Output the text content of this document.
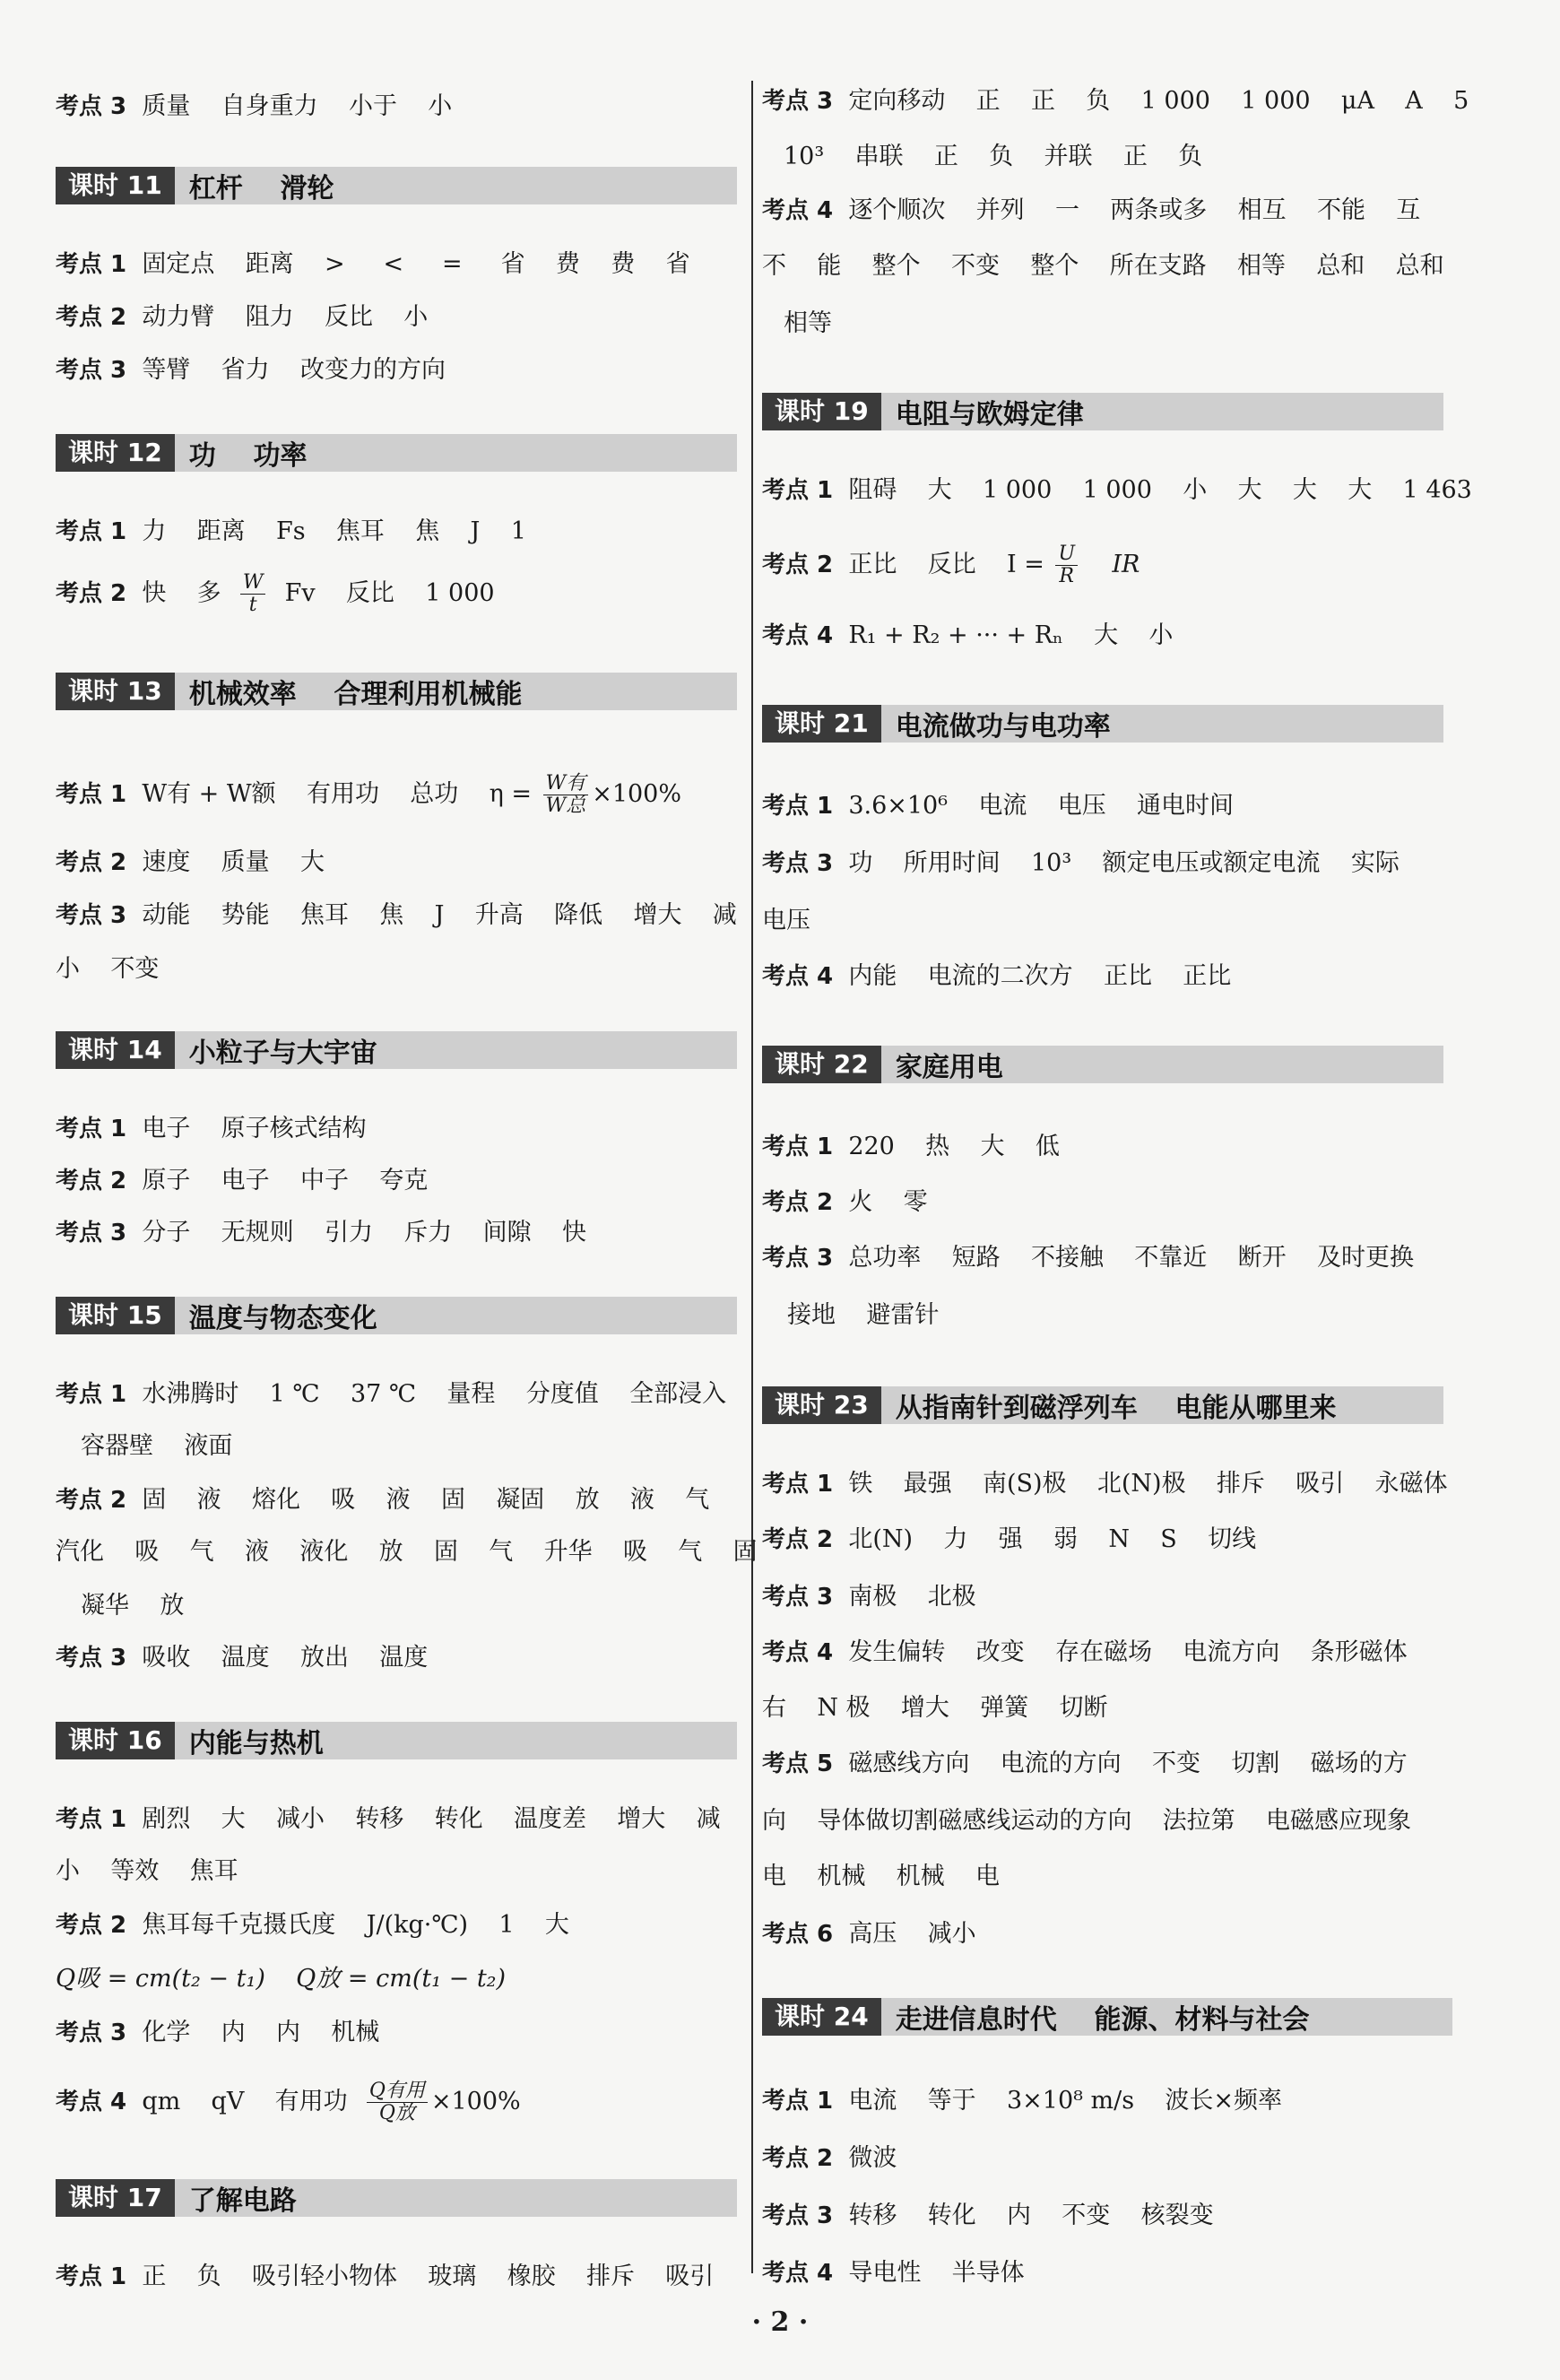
考点 3  质量    自身重力    小于    小
课时 11	杠杆    滑轮
考点 1  固定点    距离    >     <     =     省    费    费    省
考点 2  动力臂    阻力    反比    小
考点 3  等臂    省力    改变力的方向
课时 12	功    功率
考点 1  力    距离    Fs    焦耳    焦    J    1
考点 2  快    多 $\frac{W}{t}$ Fv    反比    1 000
课时 13	机械效率    合理利用机械能
考点 1  W有 + W额    有用功    总功    $\eta = \frac{\text{W有}}{\text{W总}} \times 100\%$
考点 2  速度    质量    大
考点 3  动能    势能    焦耳    焦    J    升高    降低    增大    减
小    不变
课时 14	小粒子与大宇宙
考点 1  电子    原子核式结构
考点 2  原子    电子    中子    夸克
考点 3  分子    无规则    引力    斥力    间隙    快
课时 15	温度与物态变化
考点 1  水沸腾时    1 ℃    37 ℃    量程    分度值    全部浸入
容器壁    液面
考点 2  固    液    熔化    吸    液    固    凝固    放    液    气
汽化    吸    气    液    液化    放    固    气    升华    吸    气    固
凝华    放
考点 3  吸收    温度    放出    温度
课时 16	内能与热机
考点 1  剧烈    大    减小    转移    转化    温度差    增大    减
小    等效    焦耳
考点 2  焦耳每千克摄氏度    J/(kg·℃)    1    大
Q吸 = cm(t₂ − t₁)    Q放 = cm(t₁ − t₂)
考点 3  化学    内    内    机械
考点 4  qm    qV    有用功 $\frac{\text{Q有用}}{\text{Q放}} \times 100\%$
课时 17	了解电路
考点 1  正    负    吸引轻小物体    玻璃    橡胶    排斥    吸引
考点 3  定向移动    正    正    负    1 000    1 000    μA    A    5
10³    串联    正    负    并联    正    负
考点 4  逐个顺次    并列    一    两条或多    相互    不能    互
不    能    整个    不变    整个    所在支路    相等    总和    总和
相等
课时 19	电阻与欧姆定律
考点 1  阻碍    大    1 000    1 000    小    大    大    大    1 463
考点 2  正比    反比    $I = \frac{U}{R}$ IR
考点 4  R₁ + R₂ + ··· + Rₙ    大    小
课时 21	电流做功与电功率
考点 1  3.6×10⁶    电流    电压    通电时间
考点 3  功    所用时间    10³    额定电压或额定电流    实际
电压
考点 4  内能    电流的二次方    正比    正比
课时 22	家庭用电
考点 1  220    热    大    低
考点 2  火    零
考点 3  总功率    短路    不接触    不靠近    断开    及时更换
接地    避雷针
课时 23	从指南针到磁浮列车    电能从哪里来
考点 1  铁    最强    南(S)极    北(N)极    排斥    吸引    永磁体
考点 2  北(N)    力    强    弱    N    S    切线
考点 3  南极    北极
考点 4  发生偏转    改变    存在磁场    电流方向    条形磁体
右    N 极    增大    弹簧    切断
考点 5  磁感线方向    电流的方向    不变    切割    磁场的方
向    导体做切割磁感线运动的方向    法拉第    电磁感应现象
电    机械    机械    电
考点 6  高压    减小
课时 24	走进信息时代    能源、材料与社会
考点 1  电流    等于    3×10⁸ m/s    波长×频率
考点 2  微波
考点 3  转移    转化    内    不变    核裂变
考点 4  导电性    半导体
· 2 ·
